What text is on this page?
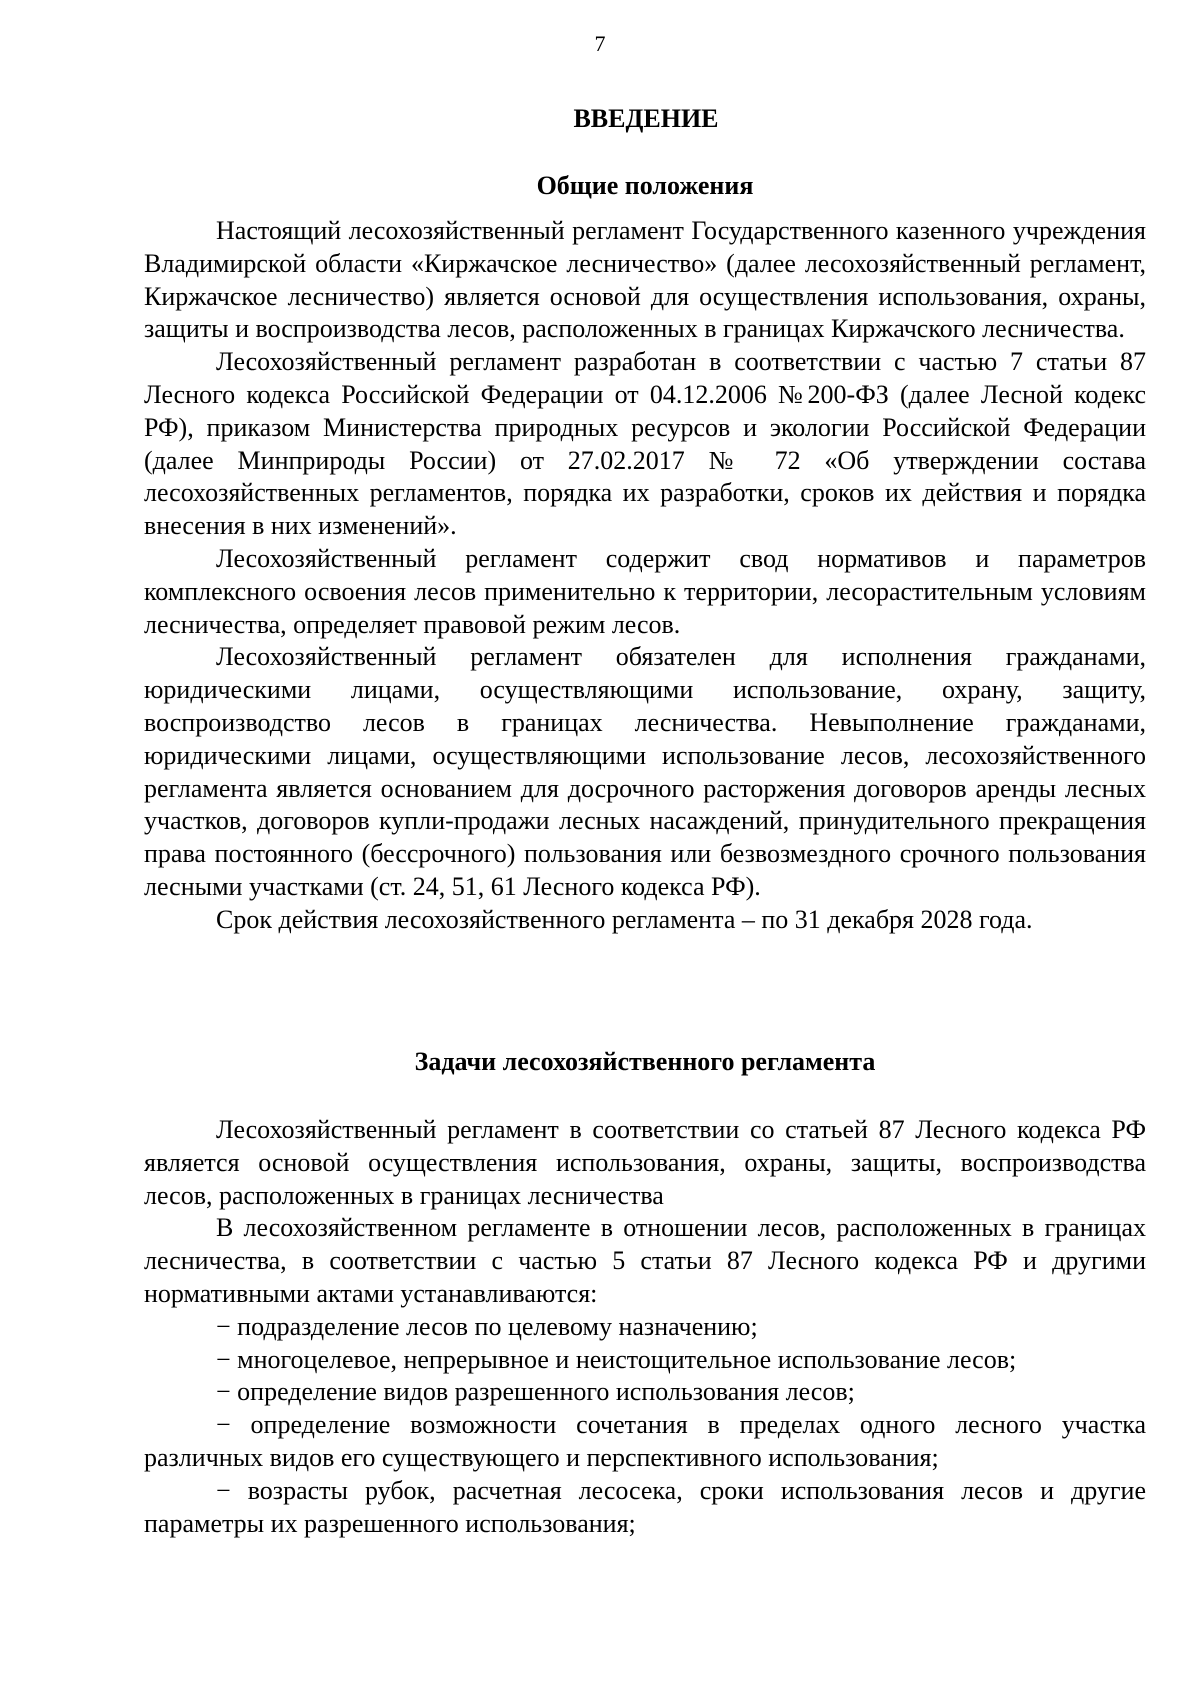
7

ВВЕДЕНИЕ
Общие положения

Настоящий лесохозяйственный регламент Государственного казенного учреждения Владимирской области «Киржачское лесничество» (далее лесохозяйственный регламент, Киржачское лесничество) является основой для осуществления использования, охраны, защиты и воспроизводства лесов, расположенных в границах Киржачского лесничества.

Лесохозяйственный регламент разработан в соответствии с частью 7 статьи 87 Лесного кодекса Российской Федерации от 04.12.2006 №200-ФЗ (далее Лесной кодекс РФ), приказом Министерства природных ресурсов и экологии Российской Федерации (далее Минприроды России) от 27.02.2017 № 72 «Об утверждении состава лесохозяйственных регламентов, порядка их разработки, сроков их действия и порядка внесения в них изменений».

Лесохозяйственный регламент содержит свод нормативов и параметров комплексного освоения лесов применительно к территории, лесорастительным условиям лесничества, определяет правовой режим лесов.

Лесохозяйственный регламент обязателен для исполнения гражданами, юридическими лицами, осуществляющими использование, охрану, защиту, воспроизводство лесов в границах лесничества. Невыполнение гражданами, юридическими лицами, осуществляющими использование лесов, лесохозяйственного регламента является основанием для досрочного расторжения договоров аренды лесных участков, договоров купли-продажи лесных насаждений, принудительного прекращения права постоянного (бессрочного) пользования или безвозмездного срочного пользования лесными участками (ст. 24, 51, 61 Лесного кодекса РФ).

Срок действия лесохозяйственного регламента – по 31 декабря 2028 года.

Задачи лесохозяйственного регламента

Лесохозяйственный регламент в соответствии со статьей 87 Лесного кодекса РФ является основой осуществления использования, охраны, защиты, воспроизводства лесов, расположенных в границах лесничества

В лесохозяйственном регламенте в отношении лесов, расположенных в границах лесничества, в соответствии с частью 5 статьи 87 Лесного кодекса РФ и другими нормативными актами устанавливаются:

− подразделение лесов по целевому назначению;
− многоцелевое, непрерывное и неистощительное использование лесов;
− определение видов разрешенного использования лесов;
− определение возможности сочетания в пределах одного лесного участка различных видов его существующего и перспективного использования;
− возрасты рубок, расчетная лесосека, сроки использования лесов и другие параметры их разрешенного использования;
